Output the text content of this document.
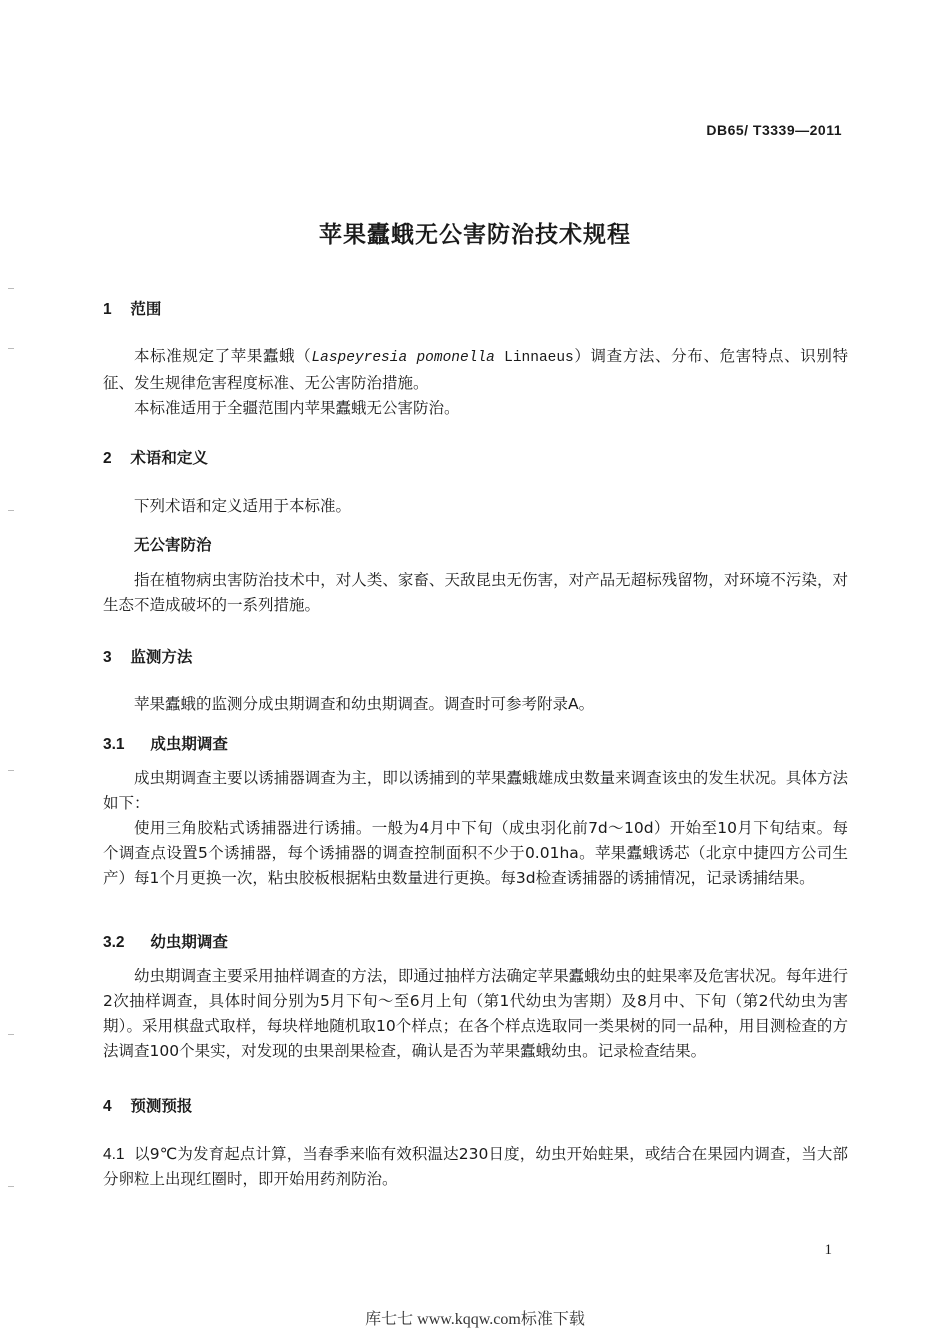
DB65/ T3339—2011
苹果蠹蛾无公害防治技术规程
1 范围
本标准规定了苹果蠹蛾（Laspeyresia pomonella Linnaeus）调查方法、分布、危害特点、识别特征、发生规律危害程度标准、无公害防治措施。
本标准适用于全疆范围内苹果蠹蛾无公害防治。
2 术语和定义
下列术语和定义适用于本标准。
无公害防治
指在植物病虫害防治技术中，对人类、家畜、天敌昆虫无伤害，对产品无超标残留物，对环境不污染，对生态不造成破坏的一系列措施。
3 监测方法
苹果蠹蛾的监测分成虫期调查和幼虫期调查。调查时可参考附录A。
3.1 成虫期调查
成虫期调查主要以诱捕器调查为主，即以诱捕到的苹果蠹蛾雄成虫数量来调查该虫的发生状况。具体方法如下：
使用三角胶粘式诱捕器进行诱捕。一般为4月中下旬（成虫羽化前7d～10d）开始至10月下旬结束。每个调查点设置5个诱捕器，每个诱捕器的调查控制面积不少于0.01ha。苹果蠹蛾诱芯（北京中捷四方公司生产）每1个月更换一次，粘虫胶板根据粘虫数量进行更换。每3d检查诱捕器的诱捕情况，记录诱捕结果。
3.2 幼虫期调查
幼虫期调查主要采用抽样调查的方法，即通过抽样方法确定苹果蠹蛾幼虫的蛀果率及危害状况。每年进行2次抽样调查，具体时间分别为5月下旬～至6月上旬（第1代幼虫为害期）及8月中、下旬（第2代幼虫为害期）。采用棋盘式取样，每块样地随机取10个样点；在各个样点选取同一类果树的同一品种，用目测检查的方法调查100个果实，对发现的虫果剖果检查，确认是否为苹果蠹蛾幼虫。记录检查结果。
4 预测预报
4.1 以9℃为发育起点计算，当春季来临有效积温达230日度，幼虫开始蛀果，或结合在果园内调查，当大部分卵粒上出现红圈时，即开始用药剂防治。
1
库七七 www.kqqw.com标准下载
